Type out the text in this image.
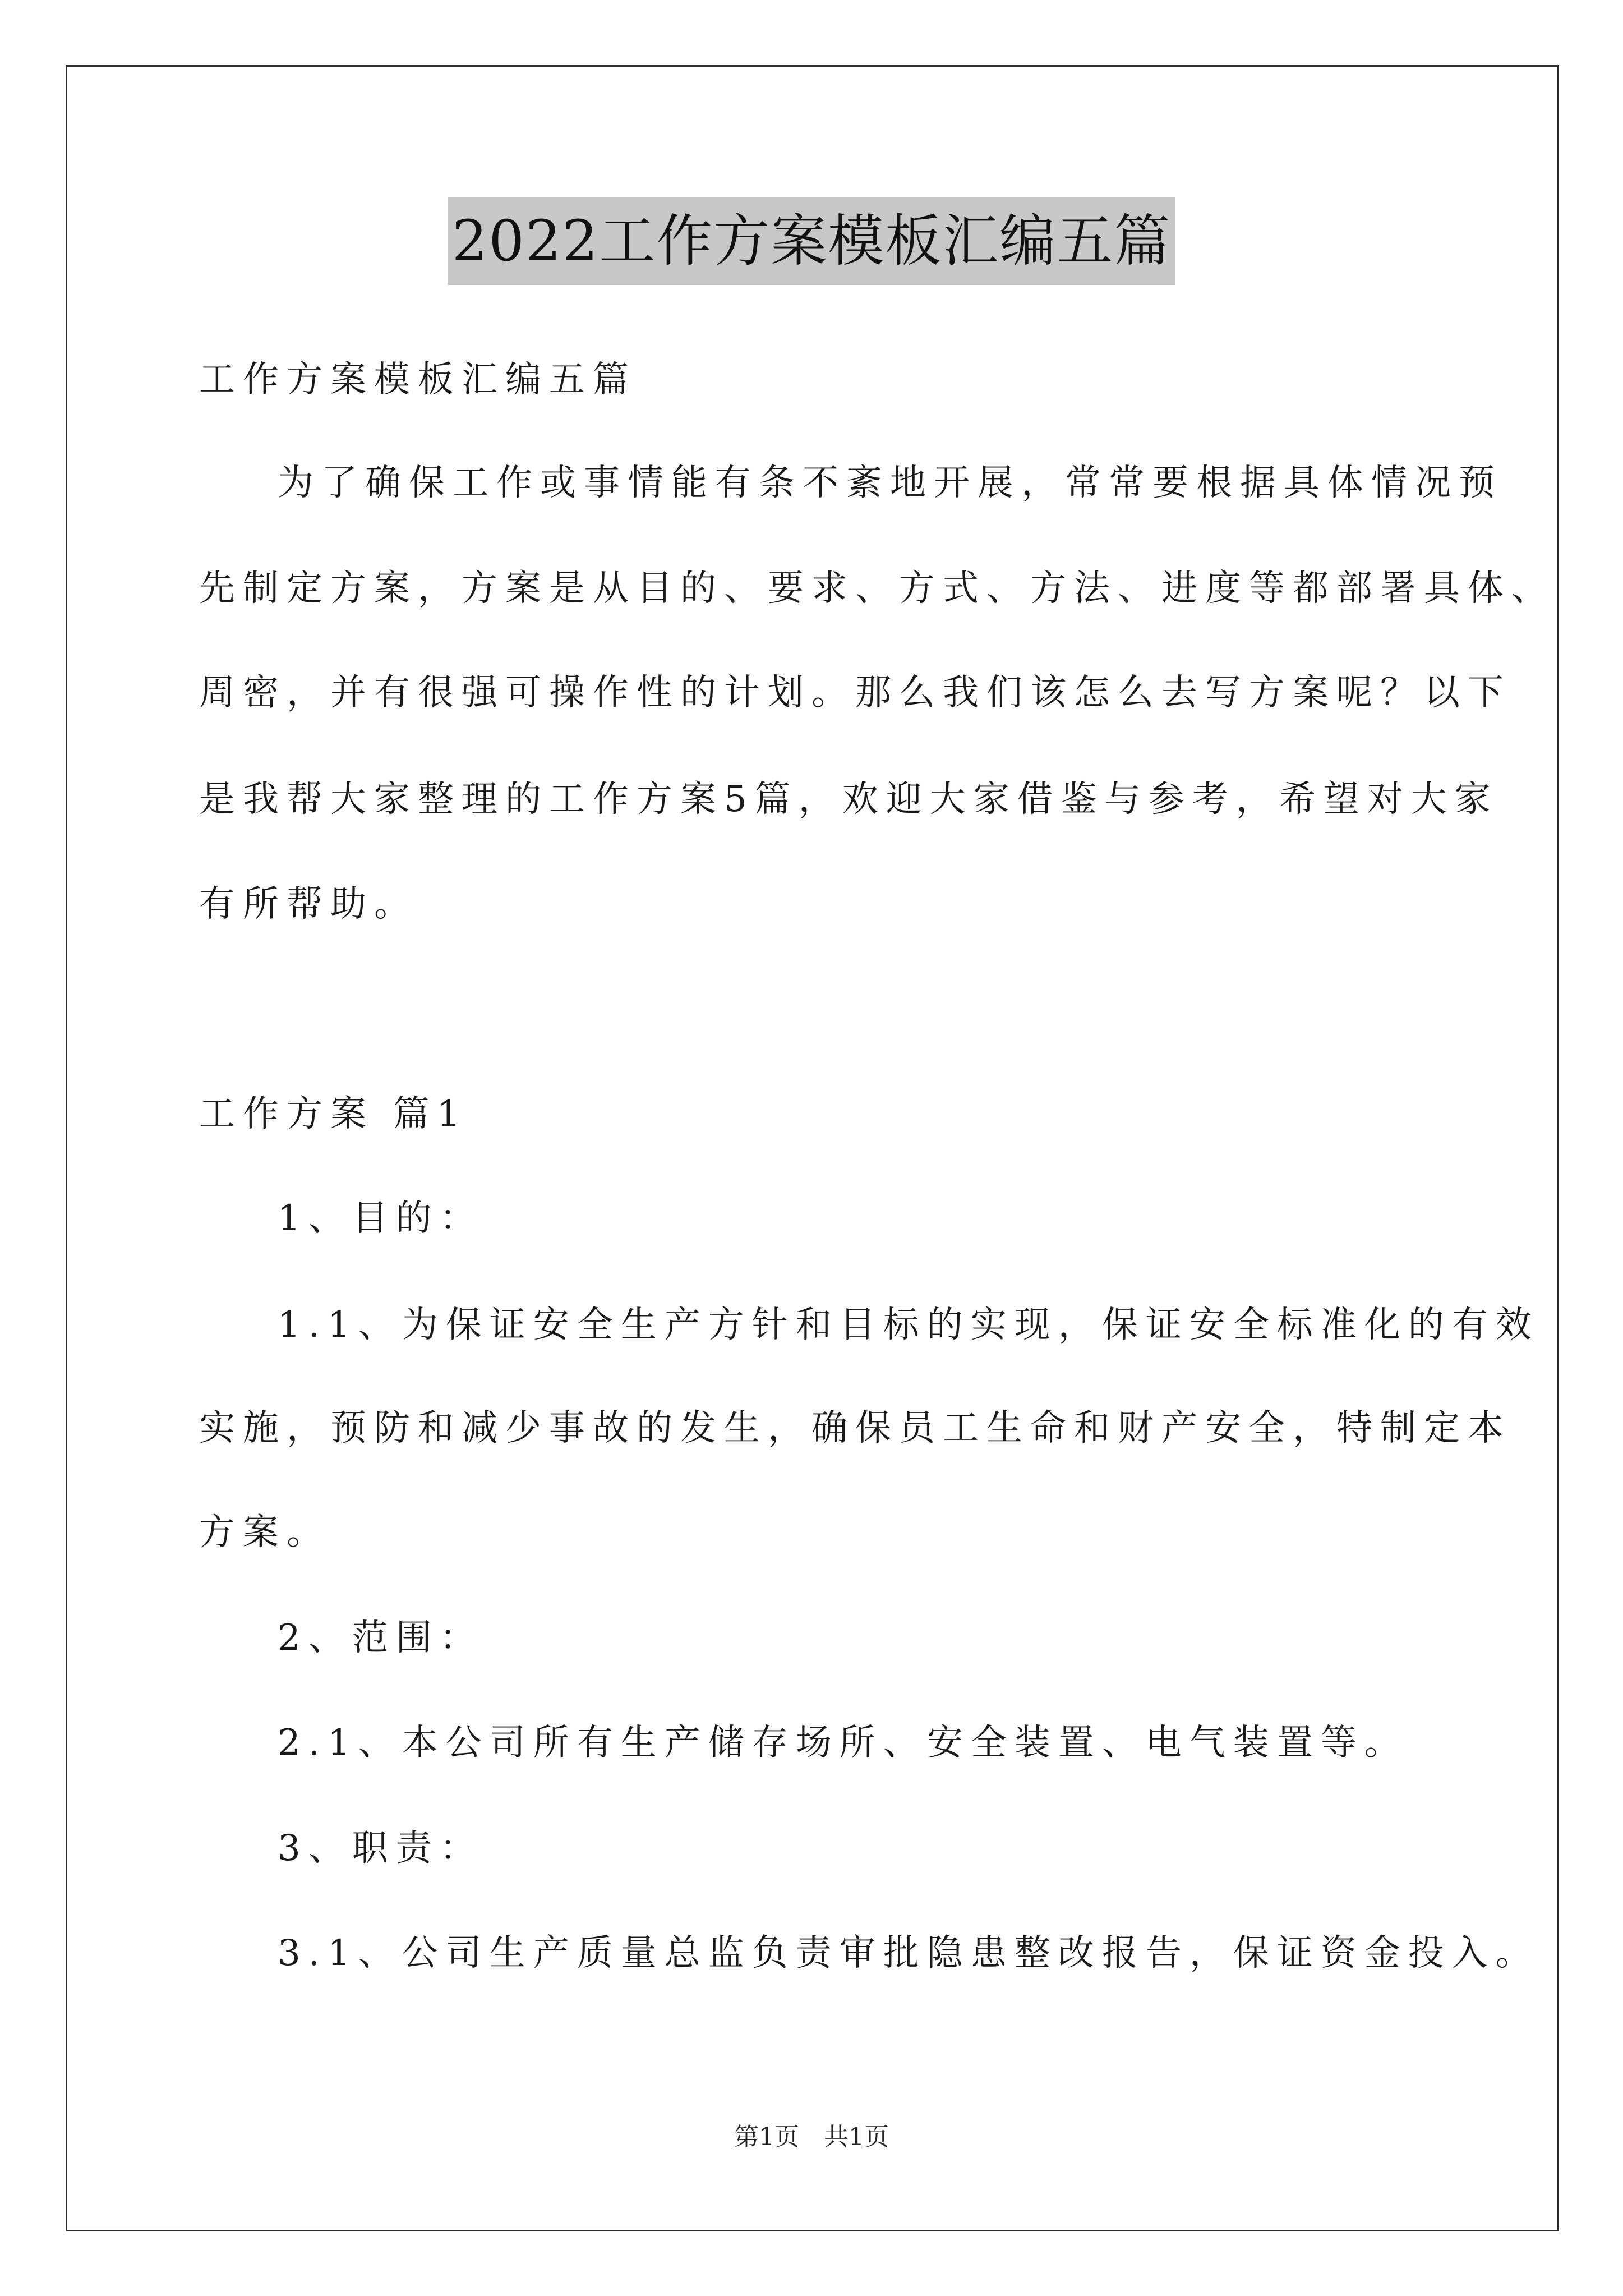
2022工作方案模板汇编五篇
工作方案模板汇编五篇
为了确保工作或事情能有条不紊地开展，常常要根据具体情况预
先制定方案，方案是从目的、要求、方式、方法、进度等都部署具体、
周密，并有很强可操作性的计划。那么我们该怎么去写方案呢？以下
是我帮大家整理的工作方案5篇，欢迎大家借鉴与参考，希望对大家
有所帮助。
工作方案 篇1
1、目的：
1.1、为保证安全生产方针和目标的实现，保证安全标准化的有效
实施，预防和减少事故的发生，确保员工生命和财产安全，特制定本
方案。
2、范围：
2.1、本公司所有生产储存场所、安全装置、电气装置等。
3、职责：
3.1、公司生产质量总监负责审批隐患整改报告，保证资金投入。
第1页 共1页
